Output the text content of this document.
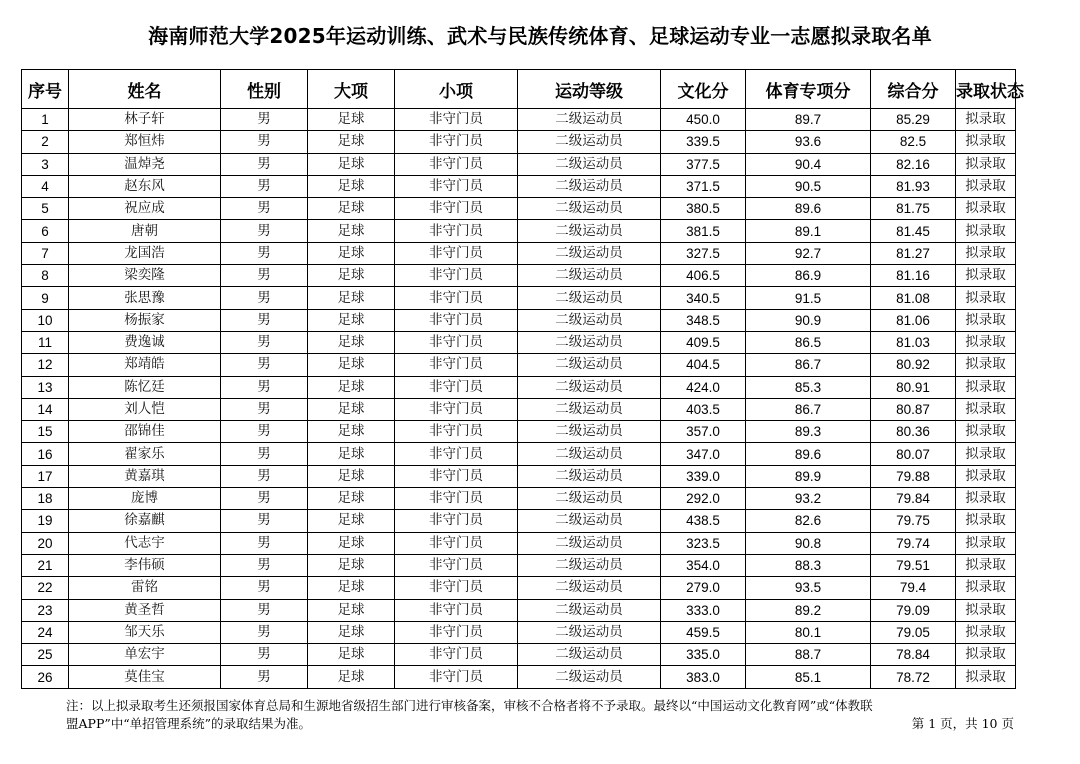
海南师范大学2025年运动训练、武术与民族传统体育、足球运动专业一志愿拟录取名单
序号	姓名	性别	大项	小项	运动等级	文化分	体育专项分	综合分	录取状态
1	林子轩	男	足球	非守门员	二级运动员	450.0	89.7	85.29	拟录取
2	郑恒炜	男	足球	非守门员	二级运动员	339.5	93.6	82.5	拟录取
3	温焯尧	男	足球	非守门员	二级运动员	377.5	90.4	82.16	拟录取
4	赵东风	男	足球	非守门员	二级运动员	371.5	90.5	81.93	拟录取
5	祝应成	男	足球	非守门员	二级运动员	380.5	89.6	81.75	拟录取
6	唐朝	男	足球	非守门员	二级运动员	381.5	89.1	81.45	拟录取
7	龙国浩	男	足球	非守门员	二级运动员	327.5	92.7	81.27	拟录取
8	梁奕隆	男	足球	非守门员	二级运动员	406.5	86.9	81.16	拟录取
9	张思豫	男	足球	非守门员	二级运动员	340.5	91.5	81.08	拟录取
10	杨振家	男	足球	非守门员	二级运动员	348.5	90.9	81.06	拟录取
11	费逸诚	男	足球	非守门员	二级运动员	409.5	86.5	81.03	拟录取
12	郑靖皓	男	足球	非守门员	二级运动员	404.5	86.7	80.92	拟录取
13	陈忆廷	男	足球	非守门员	二级运动员	424.0	85.3	80.91	拟录取
14	刘人恺	男	足球	非守门员	二级运动员	403.5	86.7	80.87	拟录取
15	邵锦佳	男	足球	非守门员	二级运动员	357.0	89.3	80.36	拟录取
16	翟家乐	男	足球	非守门员	二级运动员	347.0	89.6	80.07	拟录取
17	黄嘉琪	男	足球	非守门员	二级运动员	339.0	89.9	79.88	拟录取
18	庞博	男	足球	非守门员	二级运动员	292.0	93.2	79.84	拟录取
19	徐嘉麒	男	足球	非守门员	二级运动员	438.5	82.6	79.75	拟录取
20	代志宇	男	足球	非守门员	二级运动员	323.5	90.8	79.74	拟录取
21	李伟硕	男	足球	非守门员	二级运动员	354.0	88.3	79.51	拟录取
22	雷铭	男	足球	非守门员	二级运动员	279.0	93.5	79.4	拟录取
23	黄圣哲	男	足球	非守门员	二级运动员	333.0	89.2	79.09	拟录取
24	邹天乐	男	足球	非守门员	二级运动员	459.5	80.1	79.05	拟录取
25	单宏宇	男	足球	非守门员	二级运动员	335.0	88.7	78.84	拟录取
26	莫佳宝	男	足球	非守门员	二级运动员	383.0	85.1	78.72	拟录取
注：以上拟录取考生还须报国家体育总局和生源地省级招生部门进行审核备案，审核不合格者将不予录取。最终以“中国运动文化教育网”或“体教联
盟APP”中“单招管理系统”的录取结果为准。	第 1 页，共 10 页
